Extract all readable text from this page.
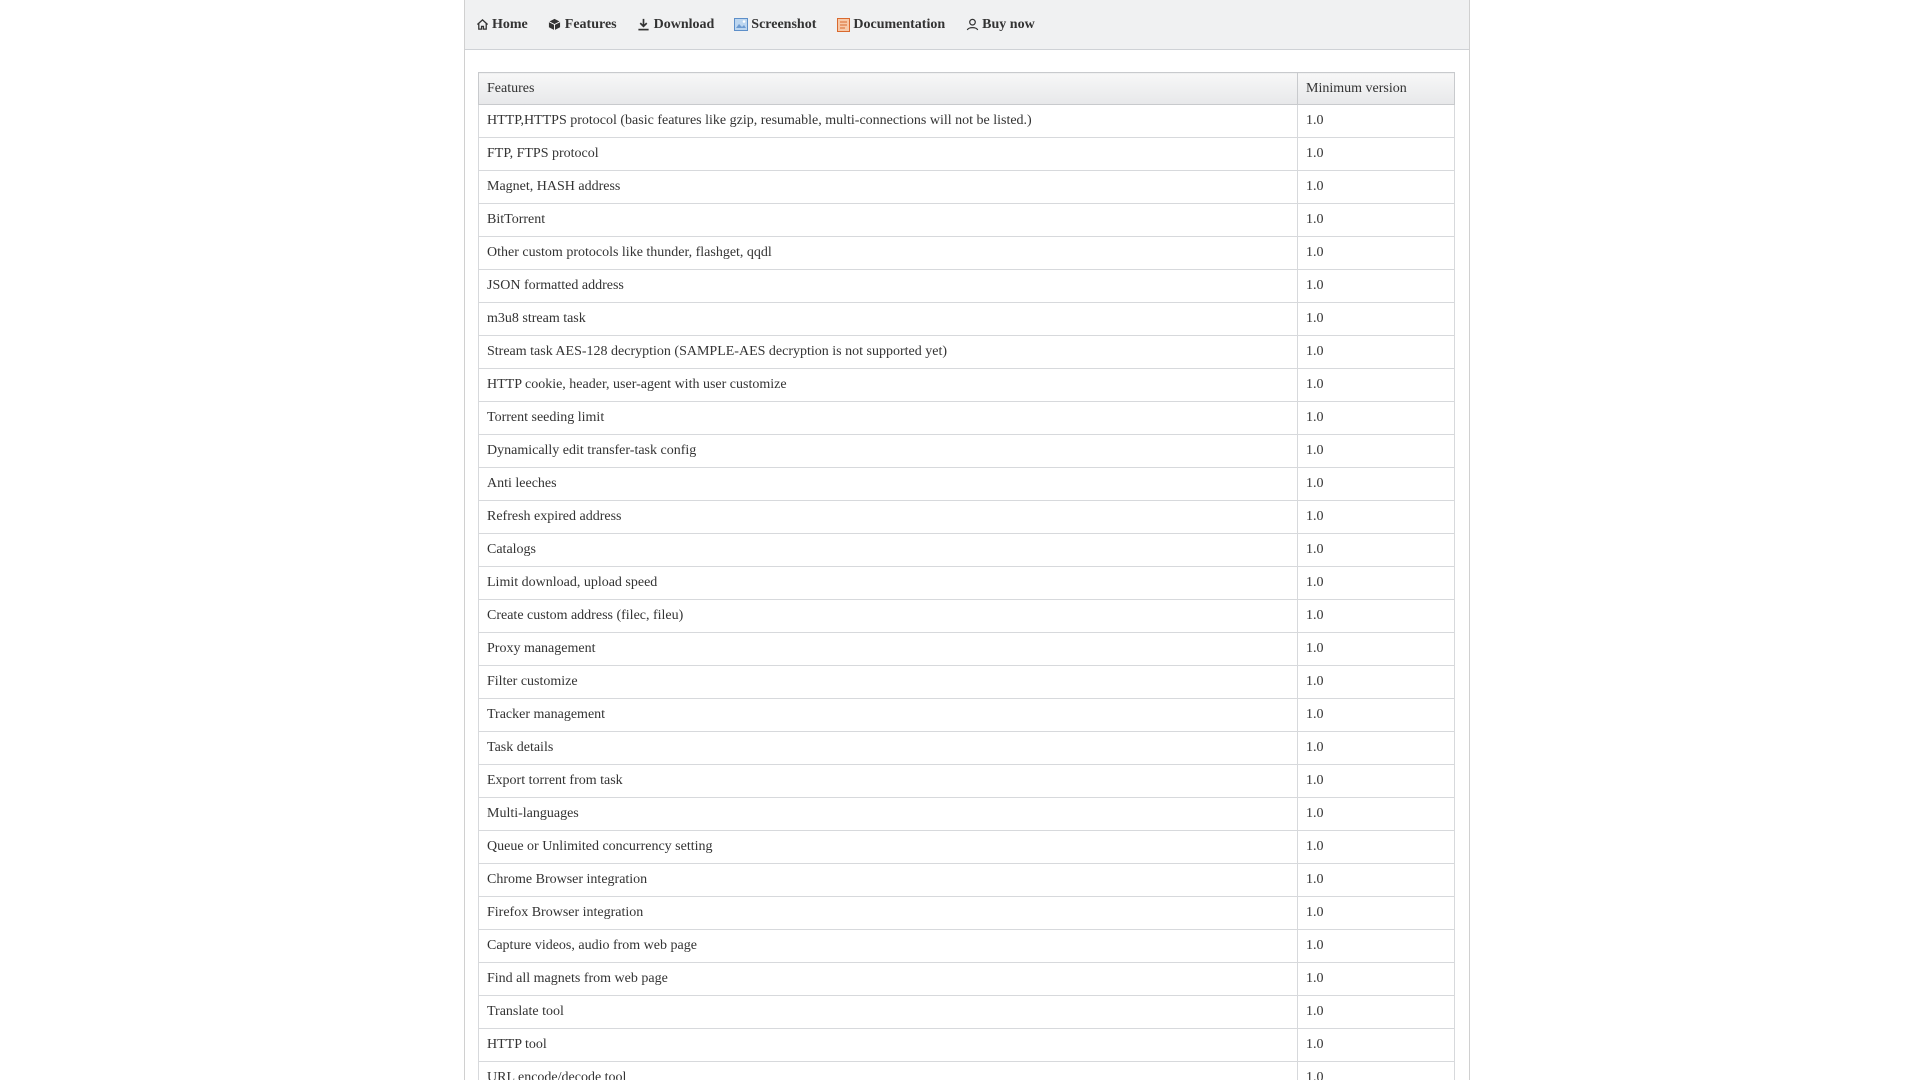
Home	Features	Download	Screenshot	Documentation	Buy now
Features	Minimum version
HTTP,HTTPS protocol (basic features like gzip, resumable, multi-connections will not be listed.)	1.0
FTP, FTPS protocol	1.0
Magnet, HASH address	1.0
BitTorrent	1.0
Other custom protocols like thunder, flashget, qqdl	1.0
JSON formatted address	1.0
m3u8 stream task	1.0
Stream task AES-128 decryption (SAMPLE-AES decryption is not supported yet)	1.0
HTTP cookie, header, user-agent with user customize	1.0
Torrent seeding limit	1.0
Dynamically edit transfer-task config	1.0
Anti leeches	1.0
Refresh expired address	1.0
Catalogs	1.0
Limit download, upload speed	1.0
Create custom address (filec, fileu)	1.0
Proxy management	1.0
Filter customize	1.0
Tracker management	1.0
Task details	1.0
Export torrent from task	1.0
Multi-languages	1.0
Queue or Unlimited concurrency setting	1.0
Chrome Browser integration	1.0
Firefox Browser integration	1.0
Capture videos, audio from web page	1.0
Find all magnets from web page	1.0
Translate tool	1.0
HTTP tool	1.0
URL encode/decode tool	1.0
